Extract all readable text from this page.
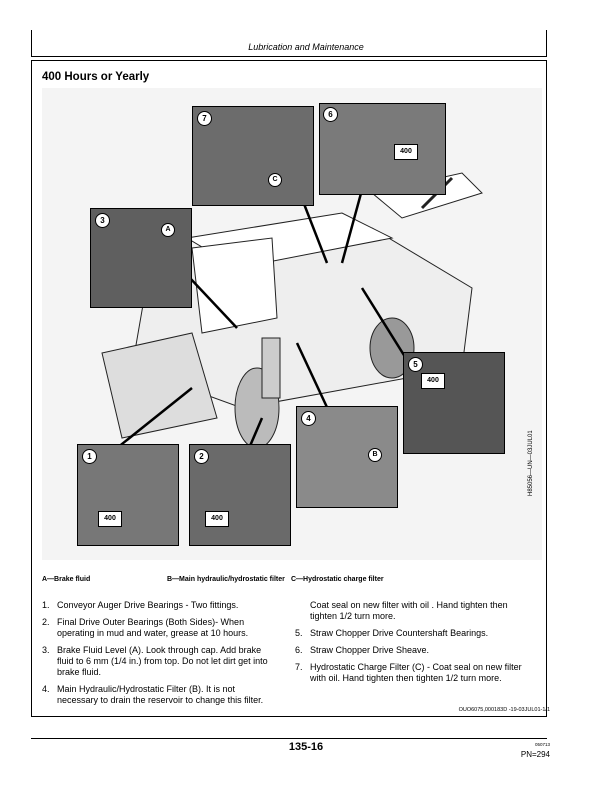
Lubrication and Maintenance
400 Hours or Yearly
7
C
6
400
3
A
5
400
4
B
1
400
2
400
H85056—UN—03JUL01
A—Brake fluid	B—Main hydraulic/hydrostatic filter C—Hydrostatic charge filter
1. Conveyor Auger Drive Bearings - Two fittings.
2. Final Drive Outer Bearings (Both Sides)- When
operating in mud and water, grease at 10 hours.
3. Brake Fluid Level (A). Look through cap. Add brake
fluid to 6 mm (1/4 in.) from top. Do not let dirt get into
brake fluid.
4. Main Hydraulic/Hydrostatic Filter (B). It is not
necessary to drain the reservoir to change this filter.
Coat seal on new filter with oil . Hand tighten then
tighten 1/2 turn more.
5. Straw Chopper Drive Countershaft Bearings.
6. Straw Chopper Drive Sheave.
7. Hydrostatic Charge Filter (C) - Coat seal on new filter
with oil. Hand tighten then tighten 1/2 turn more.
OUO6075,000183D -19-03JUL01-1/1
135-16	050713
PN=294
